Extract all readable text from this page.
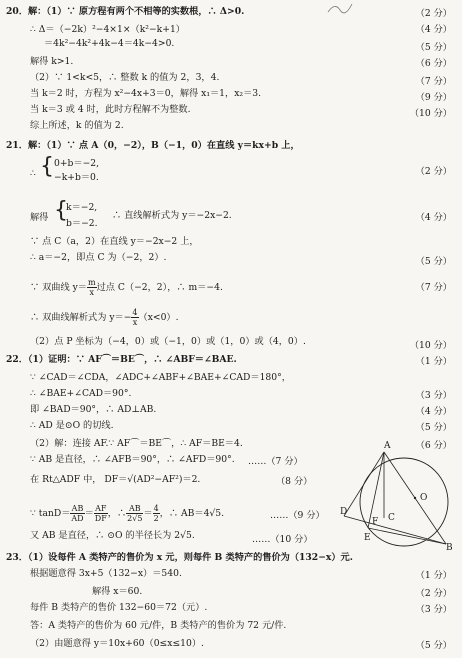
20．解：（1）∵ 原方程有两个不相等的实数根，∴ Δ>0.	（2 分）
∴ Δ＝（−2k）²−4×1×（k²−k+1）	（4 分）
＝4k²−4k²+4k−4＝4k−4>0.	（5 分）
解得 k>1.	（6 分）
（2）∵ 1<k<5，∴ 整数 k 的值为 2，3，4.	（7 分）
当 k＝2 时，方程为 x²−4x+3＝0，解得 x₁＝1，x₂＝3.	（9 分）
当 k＝3 或 4 时，此时方程解不为整数.	（10 分）
综上所述，k 的值为 2.
21．解：（1）∵ 点 A（0，−2），B（−1，0）在直线 y＝kx+b 上，
∴ { 0+b＝−2,
−k+b＝0.
（2 分）
解得 {
k＝−2,
b＝−2.
∴ 直线解析式为 y＝−2x−2.	（4 分）
∵ 点 C（a，2）在直线 y＝−2x−2 上，
∴ a＝−2，即点 C 为（−2，2）.	（5 分）
∵ 双曲线 $y= \frac{m}{x}$ 过点 C（−2，2），∴ m＝−4.	（7 分）
∴ 双曲线解析式为 $y=- \frac{4}{x} (x<0)$.
（2）点 P 坐标为（−4，0）或（−1，0）或（1，0）或（4，0）.	（10 分）
22．（1）证明：∵ AF⌒＝BE⌒，∴ ∠ABF＝∠BAE.	（1 分）
∵ ∠CAD＝∠CDA，∠ADC+∠ABF+∠BAE+∠CAD＝180°，
∴ ∠BAE+∠CAD＝90°.	（3 分）
即 ∠BAD＝90°，∴ AD⊥AB.	（4 分）
∴ AD 是⊙O 的切线.	（5 分）
（2）解：连接 AF.∵ AF⌒＝BE⌒，∴ AF＝BE＝4.	（6 分）
∵ AB 是直径，∴ ∠AFB＝90°，∴ ∠AFD＝90°. ……（7 分）
在 Rt△ADF 中， DF＝√(AD²−AF²)＝2.	（8 分）
∵ $\tan D= \frac{AB}{AD} = \frac{AF}{DF}$ ，∴ $\frac{AB}{2√5} = \frac{4}{2}$ ，∴ AB＝4√5.	……（9 分）
又 AB 是直径，∴ ⊙O 的半径长为 2√5.	……（10 分）
A
O
D
F C
E
B
23．（1）设每件 A 类特产的售价为 x 元，则每件 B 类特产的售价为（132−x）元.
根据题意得 3x+5（132−x）＝540.	（1 分）
解得 x＝60.	（2 分）
每件 B 类特产的售价 132−60＝72（元）.	（3 分）
答：A 类特产的售价为 60 元/件，B 类特产的售价为 72 元/件.
（2）由题意得 y＝10x+60（0≤x≤10）.	（5 分）
